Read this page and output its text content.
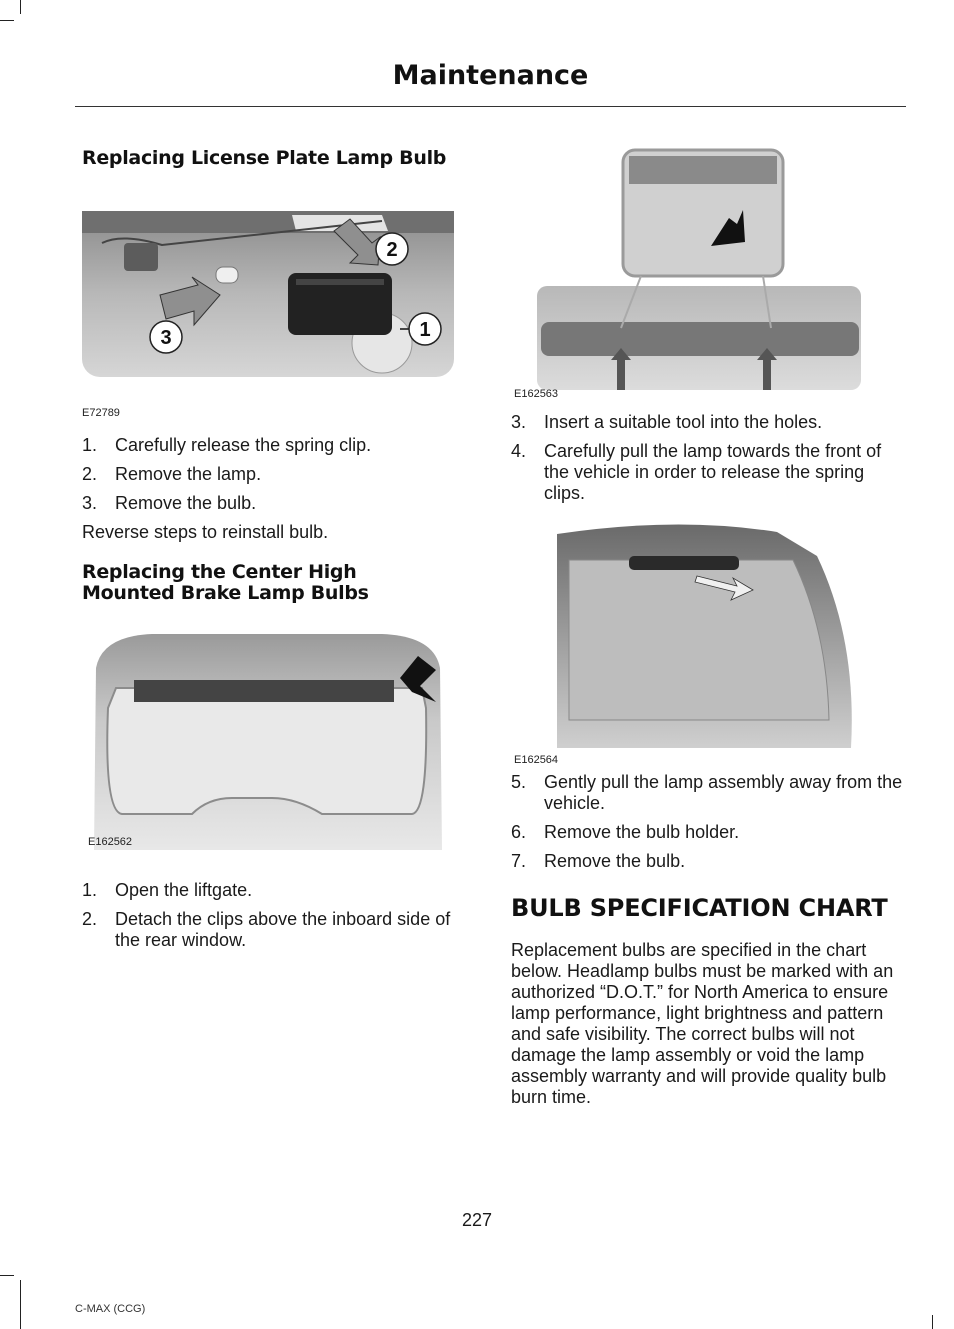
Maintenance
Replacing License Plate Lamp Bulb
2
1
3
E72789
1. Carefully release the spring clip.
2. Remove the lamp.
3. Remove the bulb.

Reverse steps to reinstall bulb.

Replacing the Center High Mounted Brake Lamp Bulbs
E162562
1. Open the liftgate.
2. Detach the clips above the inboard side of the rear window.
E162563
3. Insert a suitable tool into the holes.
4. Carefully pull the lamp towards the front of the vehicle in order to release the spring clips.
E162564
5. Gently pull the lamp assembly away from the vehicle.
6. Remove the bulb holder.
7. Remove the bulb.
BULB SPECIFICATION CHART

Replacement bulbs are specified in the chart below. Headlamp bulbs must be marked with an authorized “D.O.T.” for North America to ensure lamp performance, light brightness and pattern and safe visibility. The correct bulbs will not damage the lamp assembly or void the lamp assembly warranty and will provide quality bulb burn time.

227
C-MAX (CCG)
